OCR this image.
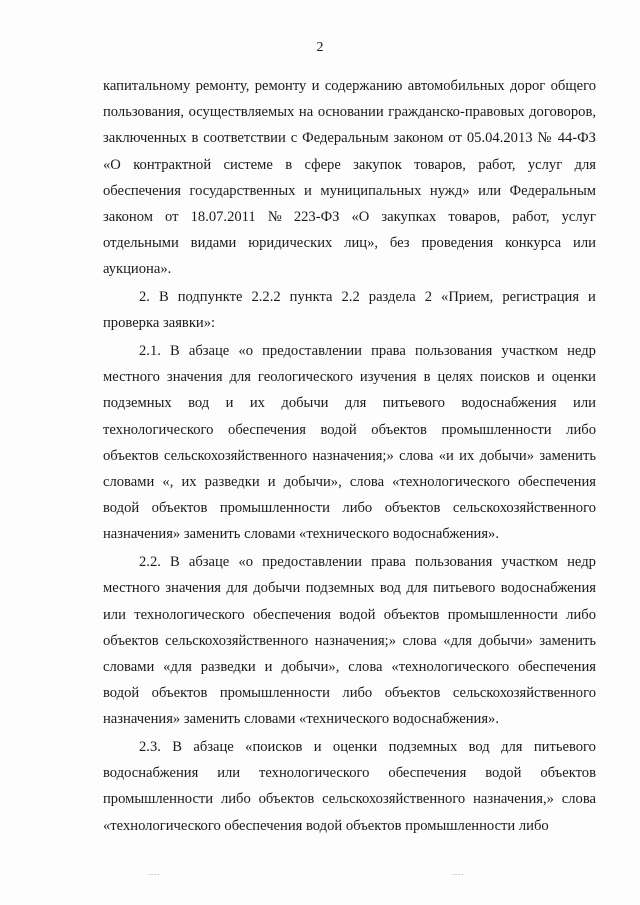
2
капитальному ремонту, ремонту и содержанию автомобильных дорог общего
пользования, осуществляемых на основании гражданско-правовых договоров,
заключенных в соответствии с Федеральным законом от 05.04.2013 № 44-ФЗ
«О контрактной системе в сфере закупок товаров, работ, услуг для
обеспечения государственных и муниципальных нужд» или Федеральным
законом от 18.07.2011 № 223-ФЗ «О закупках товаров, работ, услуг
отдельными видами юридических лиц», без проведения конкурса или
аукциона».
2. В подпункте 2.2.2 пункта 2.2 раздела 2 «Прием, регистрация и
проверка заявки»:
2.1. В абзаце «о предоставлении права пользования участком недр
местного значения для геологического изучения в целях поисков и оценки
подземных вод и их добычи для питьевого водоснабжения или
технологического обеспечения водой объектов промышленности либо
объектов сельскохозяйственного назначения;» слова «и их добычи» заменить
словами «, их разведки и добычи», слова «технологического обеспечения
водой объектов промышленности либо объектов сельскохозяйственного
назначения» заменить словами «технического водоснабжения».
2.2. В абзаце «о предоставлении права пользования участком недр
местного значения для добычи подземных вод для питьевого водоснабжения
или технологического обеспечения водой объектов промышленности либо
объектов сельскохозяйственного назначения;» слова «для добычи» заменить
словами «для разведки и добычи», слова «технологического обеспечения
водой объектов промышленности либо объектов сельскохозяйственного
назначения» заменить словами «технического водоснабжения».
2.3. В абзаце «поисков и оценки подземных вод для питьевого
водоснабжения или технологического обеспечения водой объектов
промышленности либо объектов сельскохозяйственного назначения,» слова
«технологического обеспечения водой объектов промышленности либо
....	....
